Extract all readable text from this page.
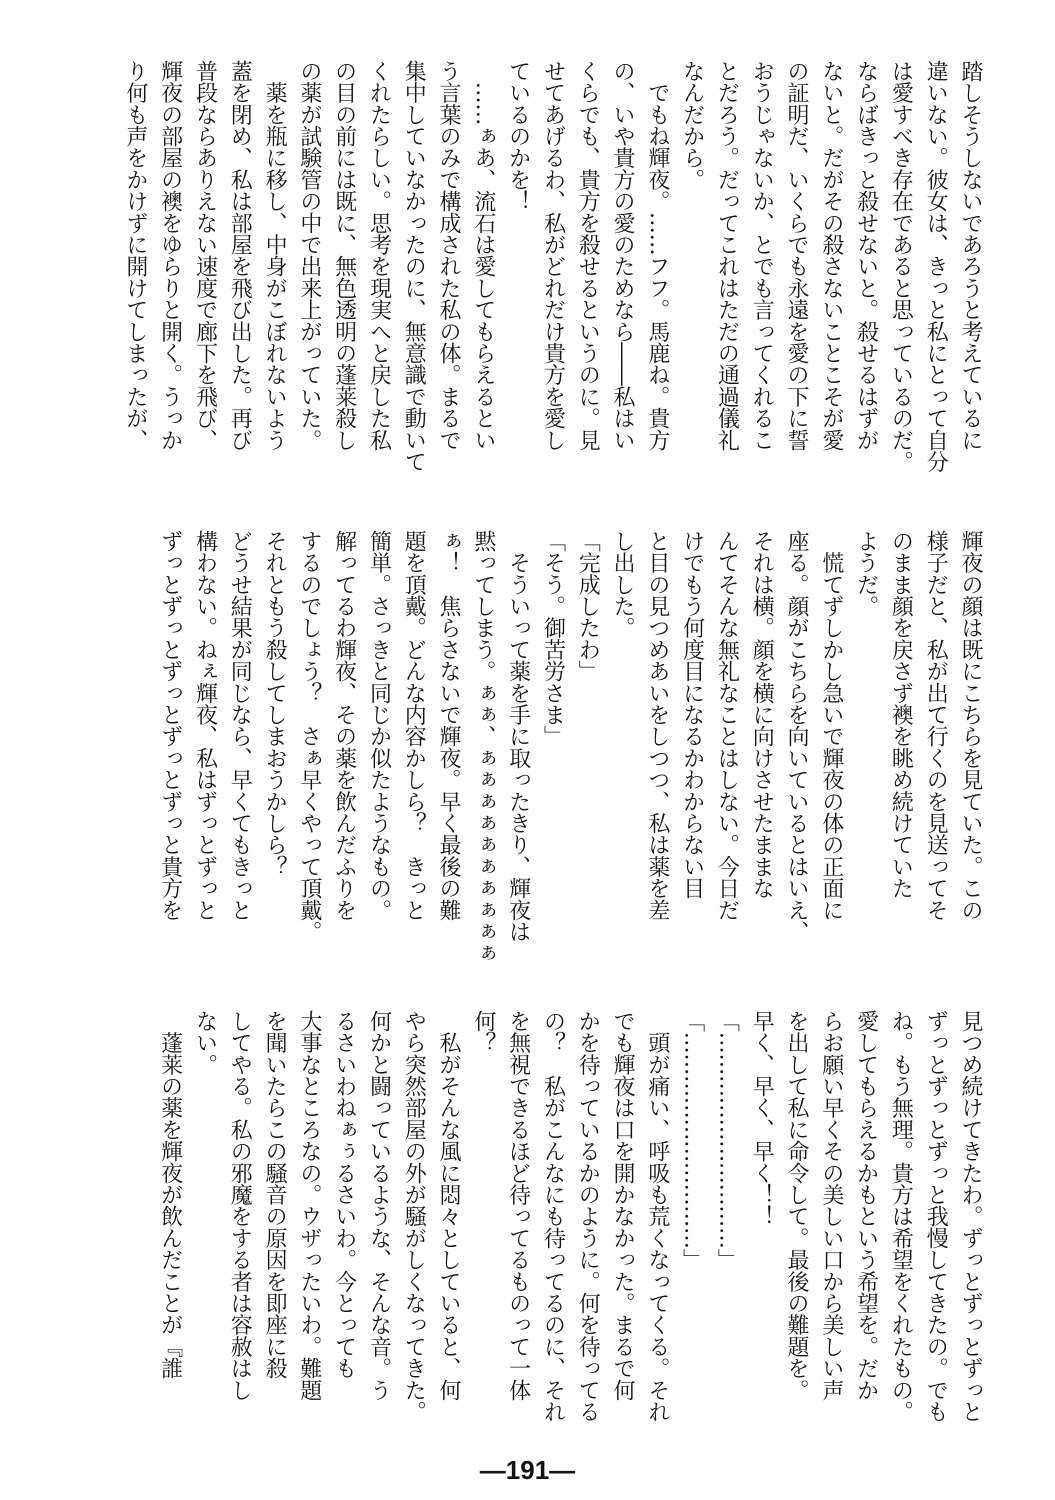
踏しそうしないであろうと考えているに
違いない。彼女は、きっと私にとって自分
は愛すべき存在であると思っているのだ。
ならばきっと殺せないと。殺せるはずが
ないと。だがその殺さないことこそが愛
の証明だ、いくらでも永遠を愛の下に誓
おうじゃないか、とでも言ってくれるこ
とだろう。だってこれはただの通過儀礼
なんだから。
　でもね輝夜。……フフ。馬鹿ね。貴方
の、いや貴方の愛のためなら――私はい
くらでも、貴方を殺せるというのに。見
せてあげるわ、私がどれだけ貴方を愛し
ているのかを！
　……ぁあ、流石は愛してもらえるとい
う言葉のみで構成された私の体。まるで
集中していなかったのに、無意識で動いて
くれたらしい。思考を現実へと戻した私
の目の前には既に、無色透明の蓬莱殺し
の薬が試験管の中で出来上がっていた。
　薬を瓶に移し、中身がこぼれないよう
蓋を閉め、私は部屋を飛び出した。再び
普段ならありえない速度で廊下を飛び、
輝夜の部屋の襖をゆらりと開く。うっか
り何も声をかけずに開けてしまったが、
輝夜の顔は既にこちらを見ていた。この
様子だと、私が出て行くのを見送ってそ
のまま顔を戻さず襖を眺め続けていた
ようだ。
　慌てずしかし急いで輝夜の体の正面に
座る。顔がこちらを向いているとはいえ、
それは横。顔を横に向けさせたままな
んてそんな無礼なことはしない。今日だ
けでもう何度目になるかわからない目
と目の見つめあいをしつつ、私は薬を差
し出した。
「完成したわ」
「そう。御苦労さま」
　そういって薬を手に取ったきり、輝夜は
黙ってしまう。ぁぁ、ぁぁぁぁぁぁぁぁぁぁ
ぁ！　焦らさないで輝夜。早く最後の難
題を頂戴。どんな内容かしら？　きっと
簡単。さっきと同じか似たようなもの。
解ってるわ輝夜、その薬を飲んだふりを
するのでしょう？　さぁ早くやって頂戴。
それともう殺してしまおうかしら？
どうせ結果が同じなら、早くてもきっと
構わない。ねぇ輝夜、私はずっとずっと
ずっとずっとずっとずっとずっと貴方を
見つめ続けてきたわ。ずっとずっとずっと
ずっとずっとずっと我慢してきたの。でも
ね。もう無理。貴方は希望をくれたもの。
愛してもらえるかもという希望を。だか
らお願い早くその美しい口から美しい声
を出して私に命令して。最後の難題を。
早く、早く、早く！！
「…………………………」
「…………………………」
　頭が痛い、呼吸も荒くなってくる。それ
でも輝夜は口を開かなかった。まるで何
かを待っているかのように。何を待ってる
の？　私がこんなにも待ってるのに、それ
を無視できるほど待ってるものって一体
何？
　私がそんな風に悶々としていると、何
やら突然部屋の外が騒がしくなってきた。
何かと闘っているような、そんな音。う
るさいわねぁぅるさいわ。今とっても
大事なところなの。ウザったいわ。難題
を聞いたらこの騒音の原因を即座に殺
してやる。私の邪魔をする者は容赦はし
ない。
　蓬莱の薬を輝夜が飲んだことが『誰
—191—
